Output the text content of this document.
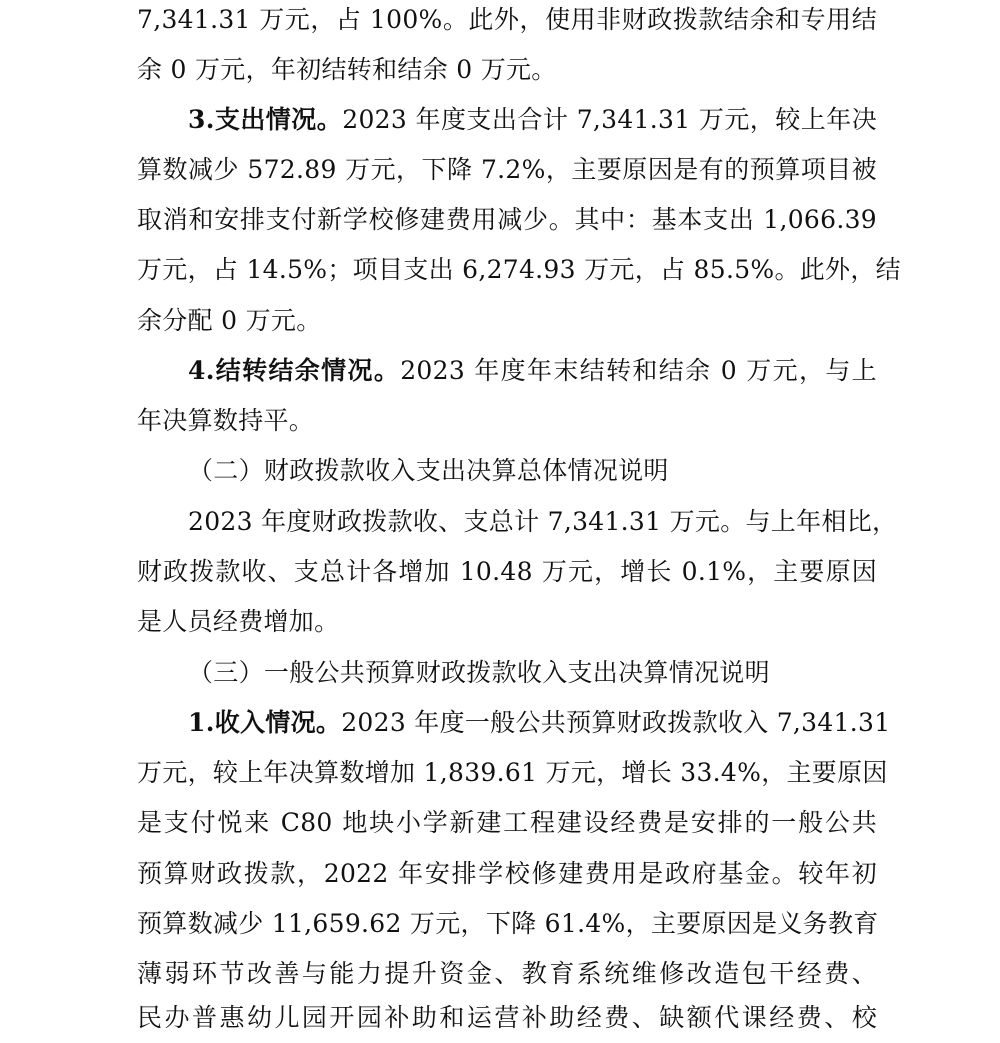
7,341.31 万元，占 100%。此外，使用非财政拨款结余和专用结
余 0 万元，年初结转和结余 0 万元。
3.支出情况。2023 年度支出合计 7,341.31 万元，较上年决
算数减少 572.89 万元，下降 7.2%，主要原因是有的预算项目被
取消和安排支付新学校修建费用减少。其中：基本支出 1,066.39
万元，占 14.5%；项目支出 6,274.93 万元，占 85.5%。此外，结
余分配 0 万元。
4.结转结余情况。2023 年度年末结转和结余 0 万元，与上
年决算数持平。
（二）财政拨款收入支出决算总体情况说明
2023 年度财政拨款收、支总计 7,341.31 万元。与上年相比，
财政拨款收、支总计各增加 10.48 万元，增长 0.1%，主要原因
是人员经费增加。
（三）一般公共预算财政拨款收入支出决算情况说明
1.收入情况。2023 年度一般公共预算财政拨款收入 7,341.31
万元，较上年决算数增加 1,839.61 万元，增长 33.4%，主要原因
是支付悦来 C80 地块小学新建工程建设经费是安排的一般公共
预算财政拨款，2022 年安排学校修建费用是政府基金。较年初
预算数减少 11,659.62 万元，下降 61.4%，主要原因是义务教育
薄弱环节改善与能力提升资金、教育系统维修改造包干经费、
民办普惠幼儿园开园补助和运营补助经费、缺额代课经费、校
